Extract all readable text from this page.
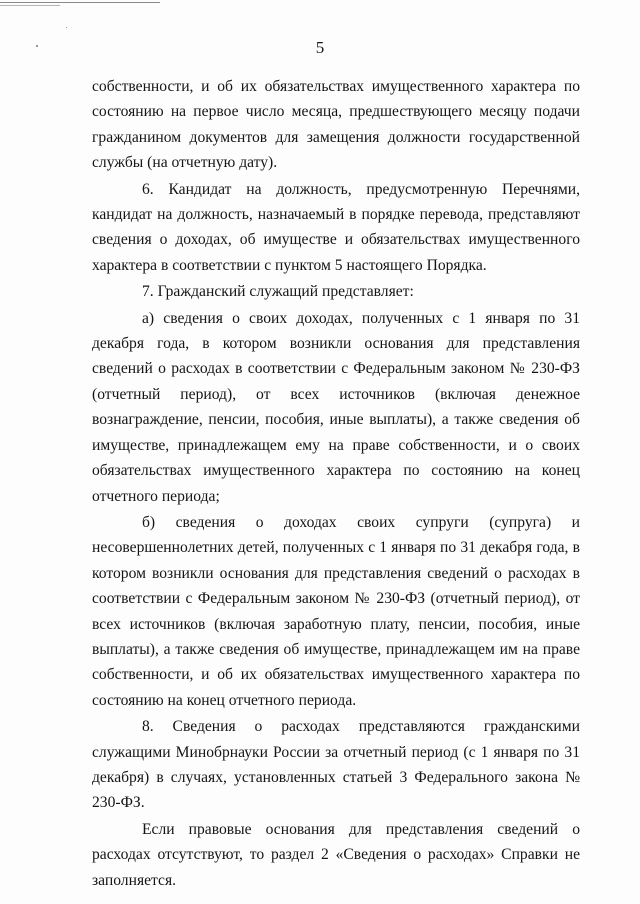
5

собственности, и об их обязательствах имущественного характера по состоянию на первое число месяца, предшествующего месяцу подачи гражданином документов для замещения должности государственной службы (на отчетную дату).

6. Кандидат на должность, предусмотренную Перечнями, кандидат на должность, назначаемый в порядке перевода, представляют сведения о доходах, об имуществе и обязательствах имущественного характера в соответствии с пунктом 5 настоящего Порядка.

7. Гражданский служащий представляет:

а) сведения о своих доходах, полученных с 1 января по 31 декабря года, в котором возникли основания для представления сведений о расходах в соответствии с Федеральным законом № 230-ФЗ (отчетный период), от всех источников (включая денежное вознаграждение, пенсии, пособия, иные выплаты), а также сведения об имуществе, принадлежащем ему на праве собственности, и о своих обязательствах имущественного характера по состоянию на конец отчетного периода;

б) сведения о доходах своих супруги (супруга) и несовершеннолетних детей, полученных с 1 января по 31 декабря года, в котором возникли основания для представления сведений о расходах в соответствии с Федеральным законом № 230-ФЗ (отчетный период), от всех источников (включая заработную плату, пенсии, пособия, иные выплаты), а также сведения об имуществе, принадлежащем им на праве собственности, и об их обязательствах имущественного характера по состоянию на конец отчетного периода.

8. Сведения о расходах представляются гражданскими служащими Минобрнауки России за отчетный период (с 1 января по 31 декабря) в случаях, установленных статьей 3 Федерального закона № 230-ФЗ.

Если правовые основания для представления сведений о расходах отсутствуют, то раздел 2 «Сведения о расходах» Справки не заполняется.
